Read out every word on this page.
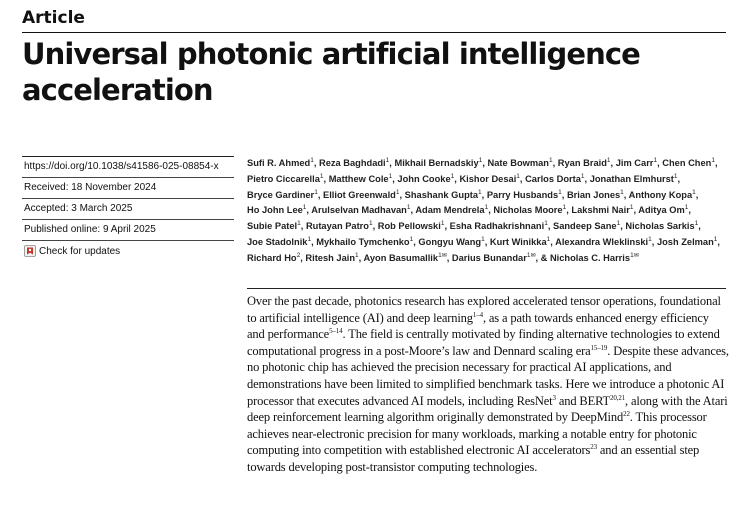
Article
Universal photonic artificial intelligence acceleration
https://doi.org/10.1038/s41586-025-08854-x
Received: 18 November 2024
Accepted: 3 March 2025
Published online: 9 April 2025
Check for updates
Sufi R. Ahmed$^1$, Reza Baghdadi$^1$, Mikhail Bernadskiy$^1$, Nate Bowman$^1$, Ryan Braid$^1$, Jim Carr$^1$, Chen Chen$^1$, Pietro Ciccarella$^1$, Matthew Cole$^1$, John Cooke$^1$, Kishor Desai$^1$, Carlos Dorta$^1$, Jonathan Elmhurst$^1$, Bryce Gardiner$^1$, Elliot Greenwald$^1$, Shashank Gupta$^1$, Parry Husbands$^1$, Brian Jones$^1$, Anthony Kopa$^1$, Ho John Lee$^1$, Arulselvan Madhavan$^1$, Adam Mendrela$^1$, Nicholas Moore$^1$, Lakshmi Nair$^1$, Aditya Om$^1$, Subie Patel$^1$, Rutayan Patro$^1$, Rob Pellowski$^1$, Esha Radhakrishnani$^1$, Sandeep Sane$^1$, Nicholas Sarkis$^1$, Joe Stadolnik$^1$, Mykhailo Tymchenko$^1$, Gongyu Wang$^1$, Kurt Winikka$^1$, Alexandra Wleklinski$^1$, Josh Zelman$^1$, Richard Ho$^2$, Ritesh Jain$^1$, Ayon Basumallik$^{1✉}$, Darius Bunandar$^{1✉}$, & Nicholas C. Harris$^{1✉}$

Over the past decade, photonics research has explored accelerated tensor operations, foundational to artificial intelligence (AI) and deep learning$^{1-4}$, as a path towards enhanced energy efficiency and performance$^{5-14}$. The field is centrally motivated by finding alternative technologies to extend computational progress in a post-Moore’s law and Dennard scaling era$^{15-19}$. Despite these advances, no photonic chip has achieved the precision necessary for practical AI applications, and demonstrations have been limited to simplified benchmark tasks. Here we introduce a photonic AI processor that executes advanced AI models, including ResNet$^3$ and BERT$^{20,21}$, along with the Atari deep reinforcement learning algorithm originally demonstrated by DeepMind$^{22}$. This processor achieves near-electronic precision for many workloads, marking a notable entry for photonic computing into competition with established electronic AI accelerators$^{23}$ and an essential step towards developing post-transistor computing technologies.
